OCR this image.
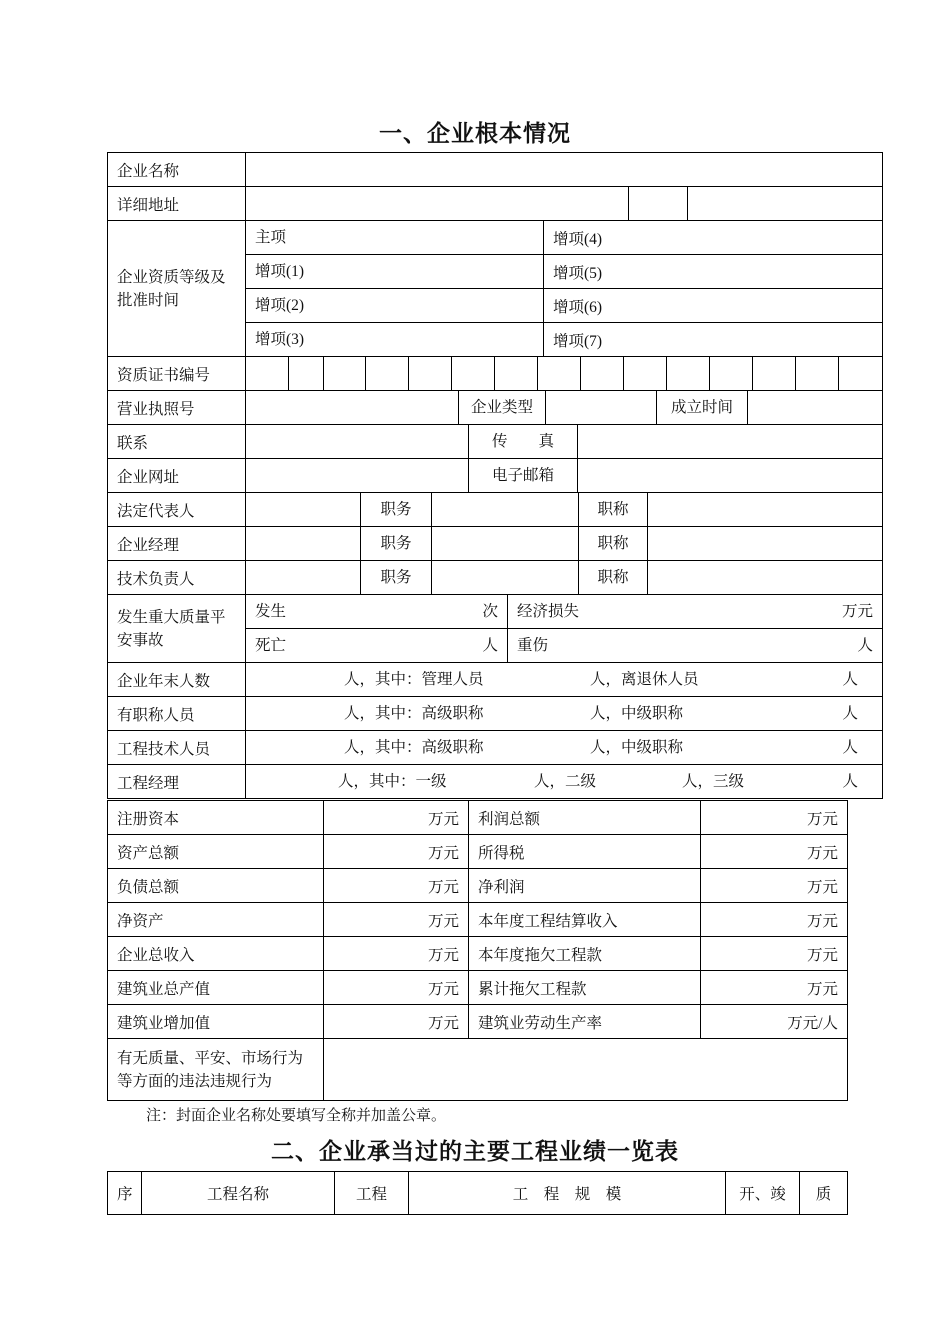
一、企业根本情况
企业名称															
详细地址															

企业资质等级及批准时间	主项 增项(4)														

	增项(1) 增项(5)														

	增项(2) 增项(6)														

	增项(3) 增项(7)														

资质证书编号															
营业执照号	企业类型 成立时间														

联系	传　　真														

企业网址	电子邮箱														

法定代表人	职务 职称														

企业经理	职务 职称														

技术负责人	职务 职称														

发生重大质量平安事故	发生 次 经济损失 万元														

	死亡 人 重伤 人														

企业年末人数	人，其中：管理人员 人，离退休人员 人														

有职称人员	人，其中：高级职称 人，中级职称 人														

工程技术人员	人，其中：高级职称 人，中级职称 人														

工程经理	人，其中：一级 人，二级 人，三级 人														
注册资本	万元	利润总额	万元
资产总额	万元	所得税	万元
负债总额	万元	净利润	万元
净资产	万元	本年度工程结算收入	万元
企业总收入	万元	本年度拖欠工程款	万元
建筑业总产值	万元	累计拖欠工程款	万元
建筑业增加值	万元	建筑业劳动生产率	万元/人
有无质量、平安、市场行为等方面的违法违规行为			
注：封面企业名称处要填写全称并加盖公章。
二、企业承当过的主要工程业绩一览表
序	工程名称	工程	工　程　规　模	开、竣	质
